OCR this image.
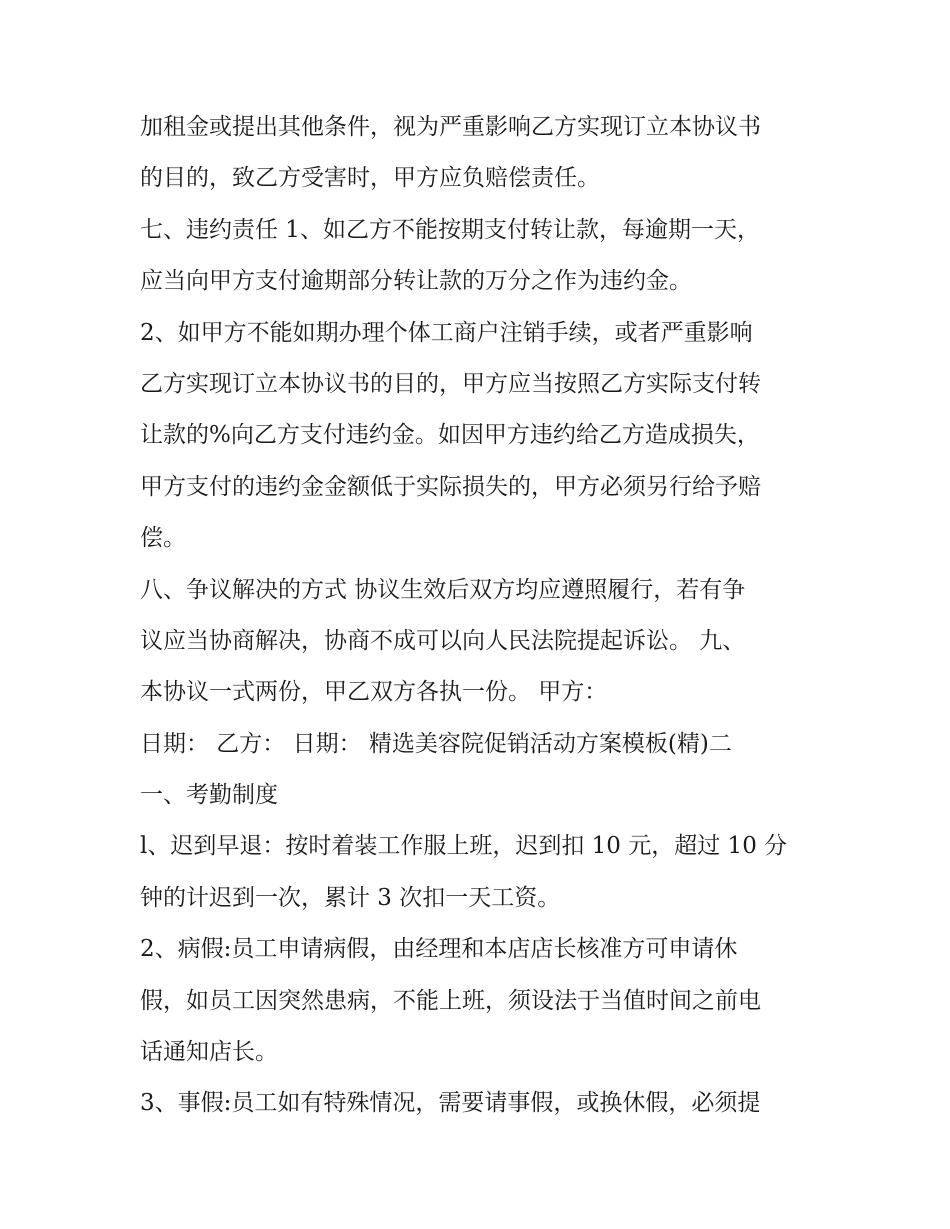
加租金或提出其他条件，视为严重影响乙方实现订立本协议书
的目的，致乙方受害时，甲方应负赔偿责任。
七、违约责任 1、如乙方不能按期支付转让款，每逾期一天，
应当向甲方支付逾期部分转让款的万分之作为违约金。
2、如甲方不能如期办理个体工商户注销手续，或者严重影响
乙方实现订立本协议书的目的，甲方应当按照乙方实际支付转
让款的%向乙方支付违约金。如因甲方违约给乙方造成损失，
甲方支付的违约金金额低于实际损失的，甲方必须另行给予赔
偿。
八、争议解决的方式 协议生效后双方均应遵照履行，若有争
议应当协商解决，协商不成可以向人民法院提起诉讼。 九、
本协议一式两份，甲乙双方各执一份。 甲方：
日期： 乙方： 日期： 精选美容院促销活动方案模板(精)二
一、考勤制度
l、迟到早退：按时着装工作服上班，迟到扣 10 元，超过 10 分
钟的计迟到一次，累计 3 次扣一天工资。
2、病假:员工申请病假，由经理和本店店长核准方可申请休
假，如员工因突然患病，不能上班，须设法于当值时间之前电
话通知店长。
3、事假:员工如有特殊情况，需要请事假，或换休假，必须提
